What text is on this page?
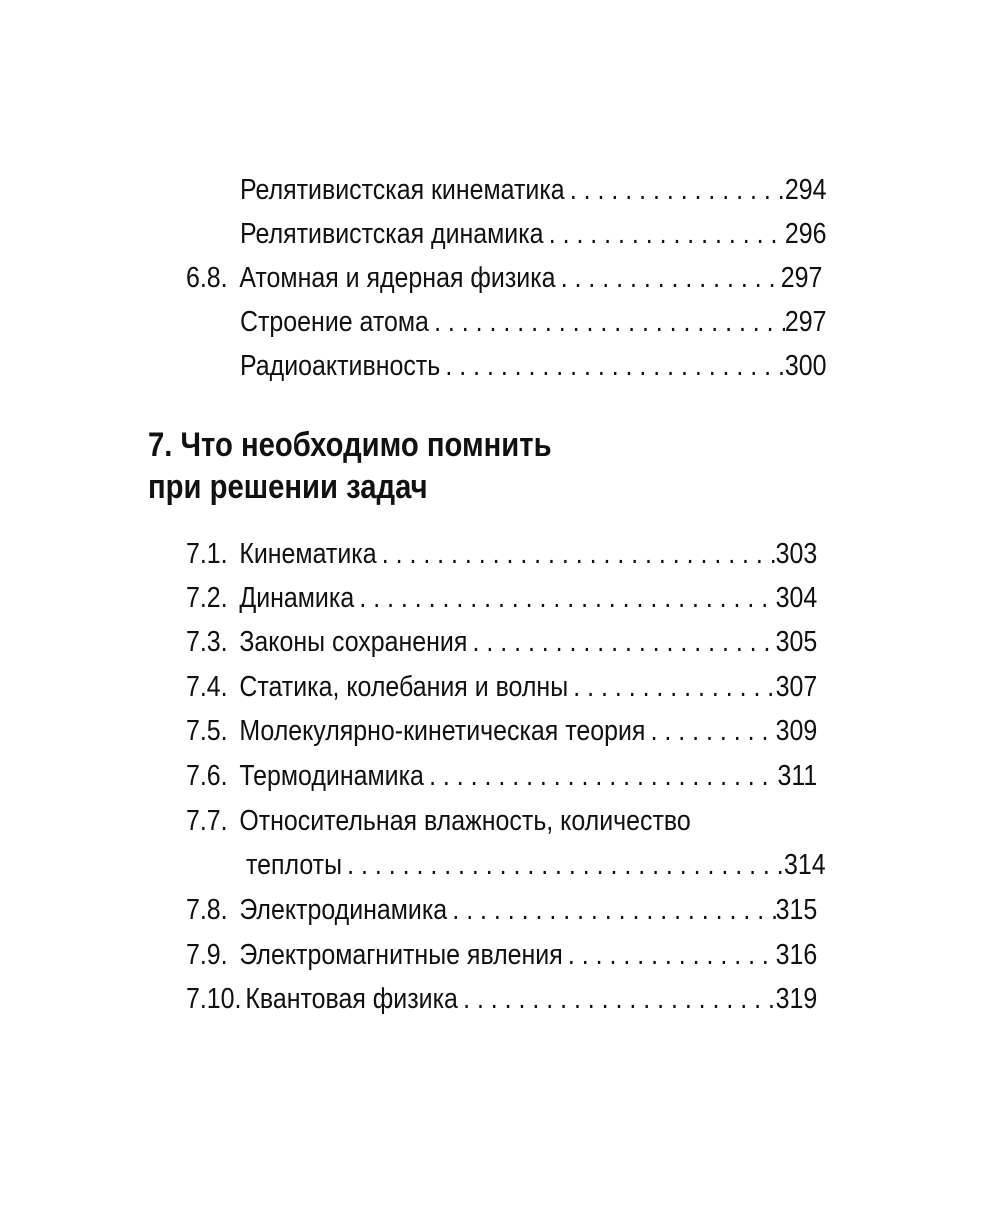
Релятивистская кинематика . . .	294
Релятивистская динамика . . .	296
6.8. Атомная и ядерная физика . . .	297
Строение атома . . .	297
Радиоактивность . . .	300
7. Что необходимо помнить
при решении задач
7.1. Кинематика . . .	303
7.2. Динамика . . .	304
7.3. Законы сохранения . . .	305
7.4. Статика, колебания и волны . . .	307
7.5. Молекулярно-кинетическая теория . . .	309
7.6. Термодинамика . . .	311
7.7. Относительная влажность, количество
теплоты . . .	314
7.8. Электродинамика . . .	315
7.9. Электромагнитные явления . . .	316
7.10. Квантовая физика . . .	319
